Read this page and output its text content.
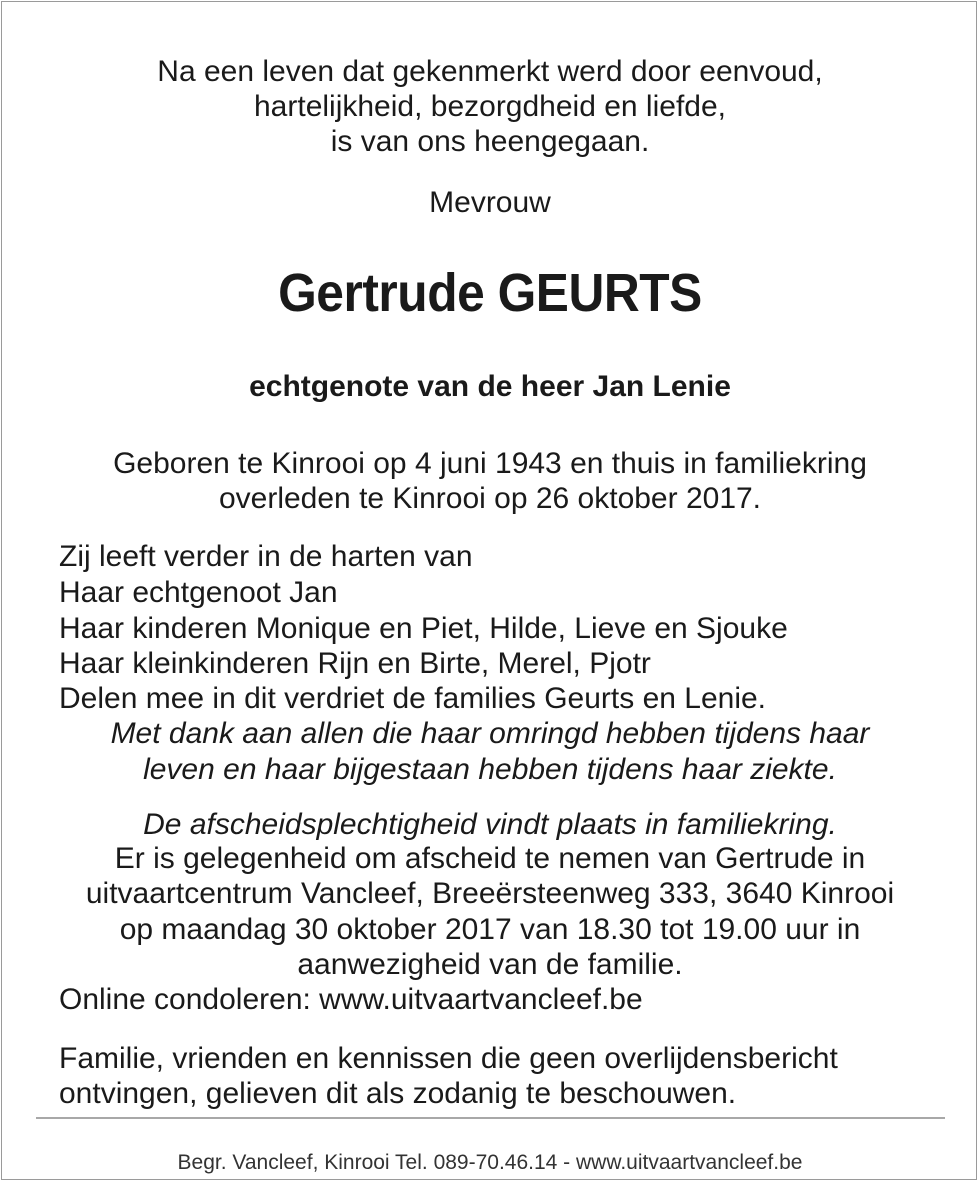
Na een leven dat gekenmerkt werd door eenvoud,

hartelijkheid, bezorgdheid en liefde,

is van ons heengegaan.

Mevrouw

Gertrude GEURTS

echtgenote van de heer Jan Lenie

Geboren te Kinrooi op 4 juni 1943 en thuis in familiekring

overleden te Kinrooi op 26 oktober 2017.

Zij leeft verder in de harten van

Haar echtgenoot Jan

Haar kinderen Monique en Piet, Hilde, Lieve en Sjouke

Haar kleinkinderen Rijn en Birte, Merel, Pjotr

Delen mee in dit verdriet de families Geurts en Lenie.

Met dank aan allen die haar omringd hebben tijdens haar

leven en haar bijgestaan hebben tijdens haar ziekte.

De afscheidsplechtigheid vindt plaats in familiekring.

Er is gelegenheid om afscheid te nemen van Gertrude in

uitvaartcentrum Vancleef, Breeërsteenweg 333, 3640 Kinrooi

op maandag 30 oktober 2017 van 18.30 tot 19.00 uur in

aanwezigheid van de familie.

Online condoleren: www.uitvaartvancleef.be

Familie, vrienden en kennissen die geen overlijdensbericht

ontvingen, gelieven dit als zodanig te beschouwen.

Begr. Vancleef, Kinrooi Tel. 089-70.46.14 - www.uitvaartvancleef.be
